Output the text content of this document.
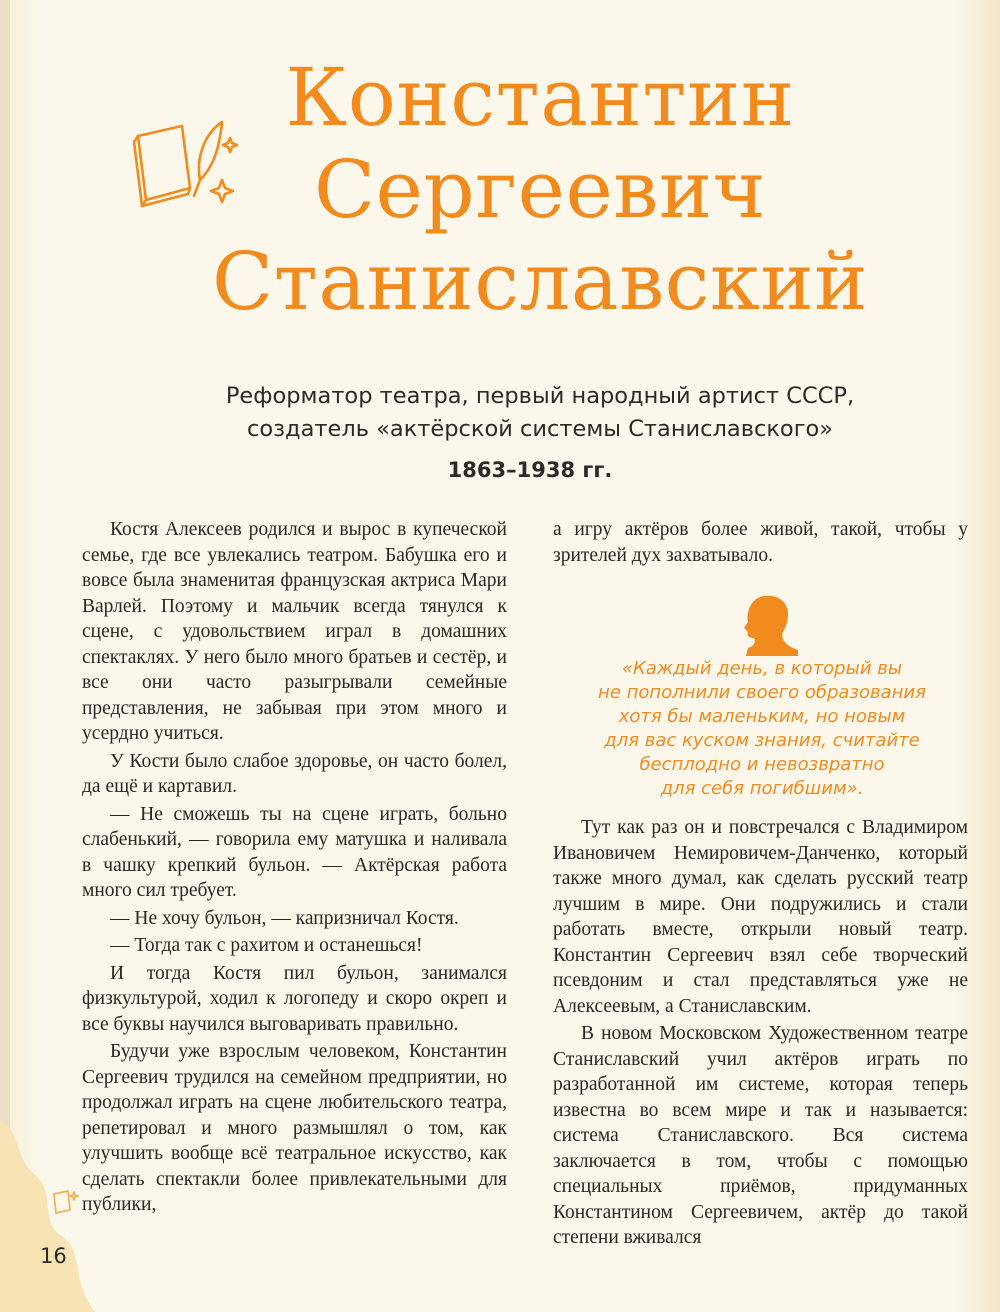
Константин
Сергеевич
Станиславский

Реформатор театра, первый народный артист СССР,
создатель «актёрской системы Станиславского»

1863–1938 гг.

Костя Алексеев родился и вырос в купеческой семье, где все увлекались театром. Бабушка его и вовсе была знаменитая французская актриса Мари Варлей. Поэтому и мальчик всегда тянулся к сцене, с удовольствием играл в домашних спектаклях. У него было много братьев и сестёр, и все они часто разыгрывали семейные представления, не забывая при этом много и усердно учиться.

У Кости было слабое здоровье, он часто болел, да ещё и картавил.

— Не сможешь ты на сцене играть, больно слабенький, — говорила ему матушка и наливала в чашку крепкий бульон. — Актёрская работа много сил требует.

— Не хочу бульон, — капризничал Костя.

— Тогда так с рахитом и останешься!

И тогда Костя пил бульон, занимался физкультурой, ходил к логопеду и скоро окреп и все буквы научился выговаривать правильно.

Будучи уже взрослым человеком, Константин Сергеевич трудился на семейном предприятии, но продолжал играть на сцене любительского театра, репетировал и много размышлял о том, как улучшить вообще всё театральное искусство, как сделать спектакли более привлекательными для публики,

а игру актёров более живой, такой, чтобы у зрителей дух захватывало.

«Каждый день, в который вы
не пополнили своего образования
хотя бы маленьким, но новым
для вас куском знания, считайте
бесплодно и невозвратно
для себя погибшим».

Тут как раз он и повстречался с Владимиром Ивановичем Немировичем-Данченко, который также много думал, как сделать русский театр лучшим в мире. Они подружились и стали работать вместе, открыли новый театр. Константин Сергеевич взял себе творческий псевдоним и стал представляться уже не Алексеевым, а Станиславским.

В новом Московском Художественном театре Станиславский учил актёров играть по разработанной им системе, которая теперь известна во всем мире и так и называется: система Станиславского. Вся система заключается в том, чтобы с помощью специальных приёмов, придуманных Константином Сергеевичем, актёр до такой степени вживался

16
